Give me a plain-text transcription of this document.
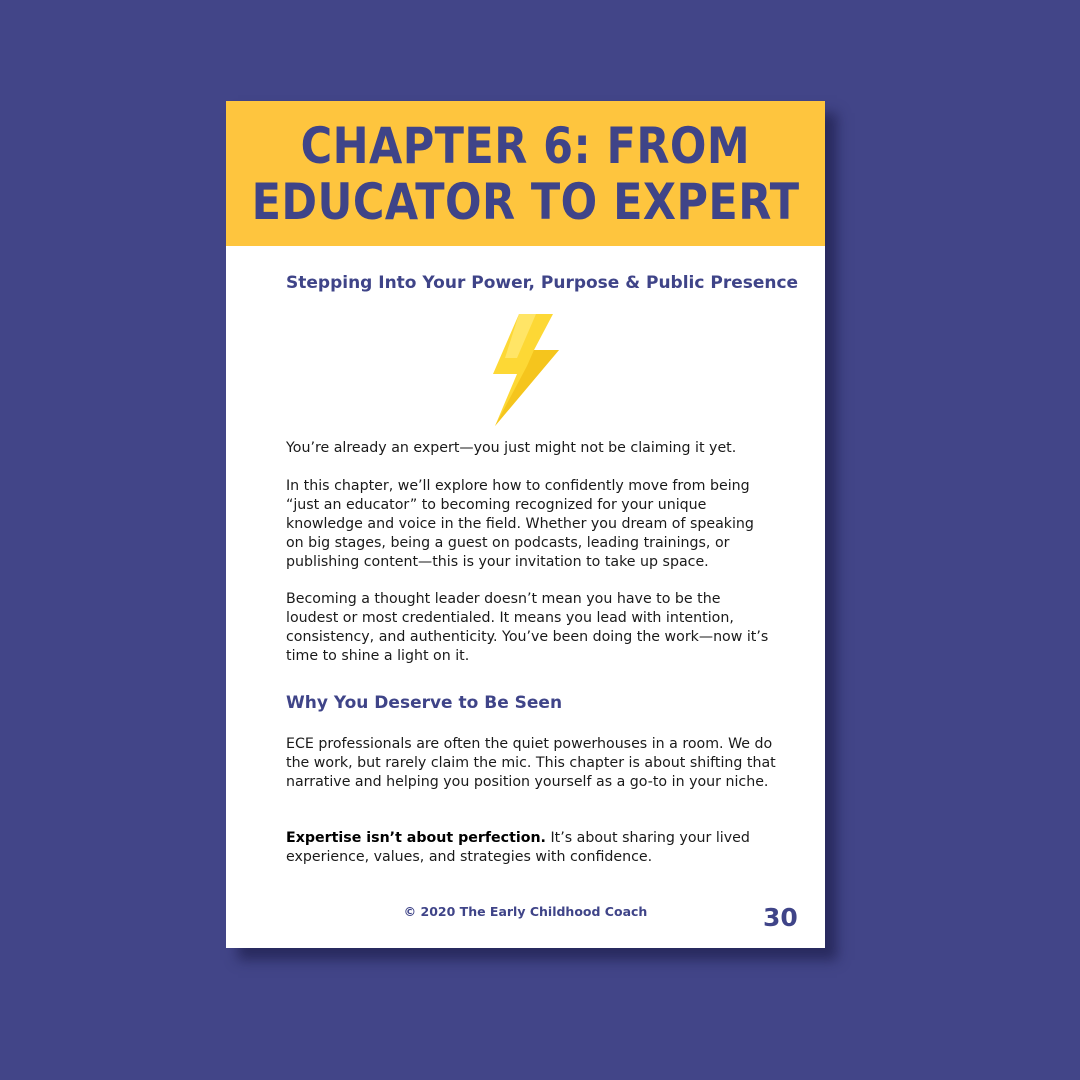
CHAPTER 6: FROM
EDUCATOR TO EXPERT
Stepping Into Your Power, Purpose & Public Presence
You’re already an expert—you just might not be claiming it yet.
In this chapter, we’ll explore how to confidently move from being “just an educator” to becoming recognized for your unique knowledge and voice in the field. Whether you dream of speaking on big stages, being a guest on podcasts, leading trainings, or publishing content—this is your invitation to take up space.
Becoming a thought leader doesn’t mean you have to be the loudest or most credentialed. It means you lead with intention, consistency, and authenticity. You’ve been doing the work—now it’s time to shine a light on it.
Why You Deserve to Be Seen
ECE professionals are often the quiet powerhouses in a room. We do the work, but rarely claim the mic. This chapter is about shifting that narrative and helping you position yourself as a go-to in your niche.
Expertise isn’t about perfection. It’s about sharing your lived experience, values, and strategies with confidence.
© 2020 The Early Childhood Coach	30
